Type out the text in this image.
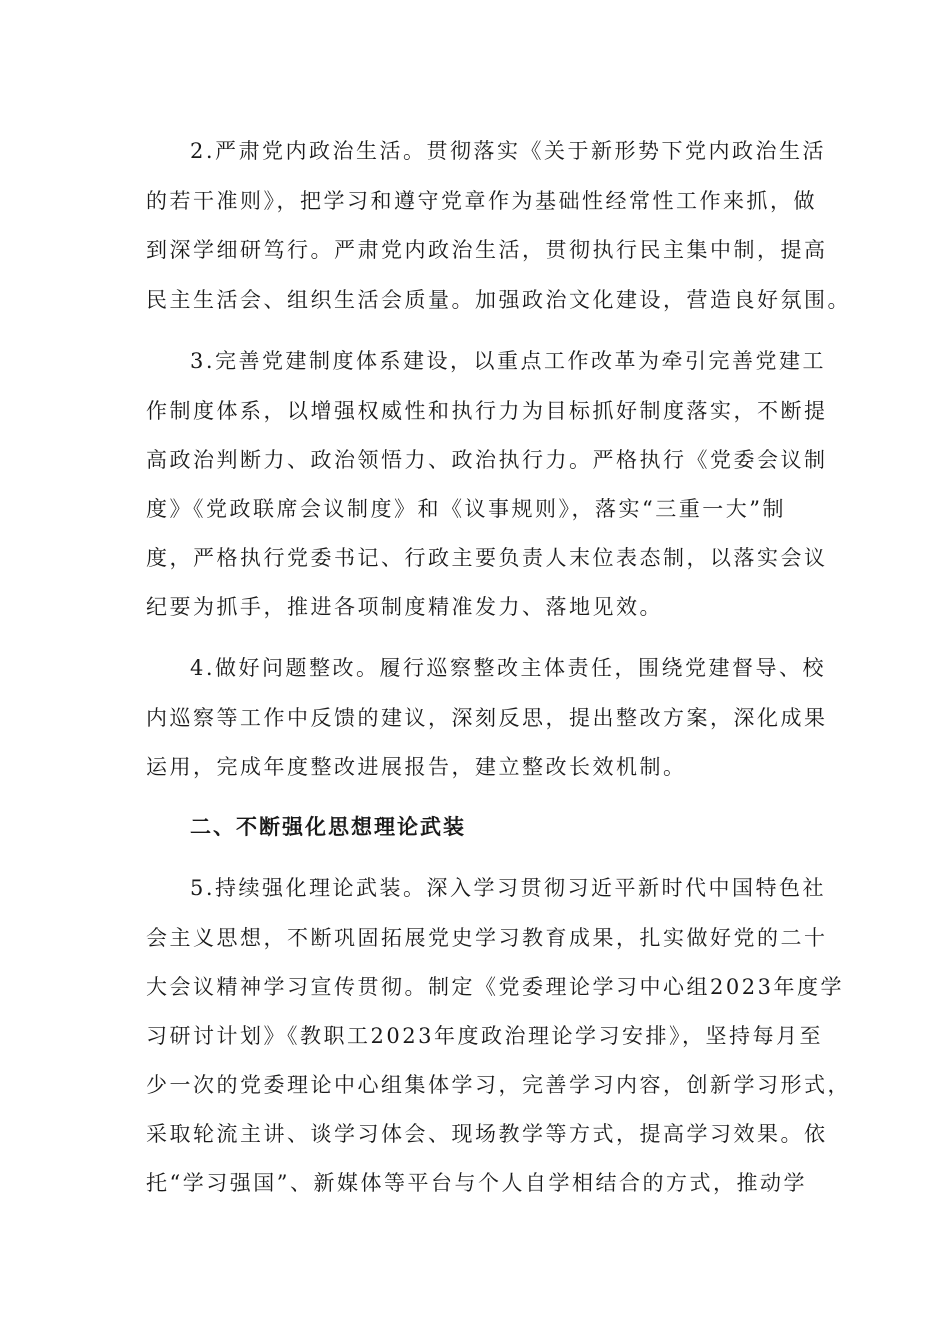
2.严肃党内政治生活。贯彻落实《关于新形势下党内政治生活
的若干准则》，把学习和遵守党章作为基础性经常性工作来抓，做
到深学细研笃行。严肃党内政治生活，贯彻执行民主集中制，提高
民主生活会、组织生活会质量。加强政治文化建设，营造良好氛围。
3.完善党建制度体系建设，以重点工作改革为牵引完善党建工
作制度体系，以增强权威性和执行力为目标抓好制度落实，不断提
高政治判断力、政治领悟力、政治执行力。严格执行《党委会议制
度》《党政联席会议制度》和《议事规则》，落实“三重一大”制
度，严格执行党委书记、行政主要负责人末位表态制，以落实会议
纪要为抓手，推进各项制度精准发力、落地见效。
4.做好问题整改。履行巡察整改主体责任，围绕党建督导、校
内巡察等工作中反馈的建议，深刻反思，提出整改方案，深化成果
运用，完成年度整改进展报告，建立整改长效机制。
二、不断强化思想理论武装
5.持续强化理论武装。深入学习贯彻习近平新时代中国特色社
会主义思想，不断巩固拓展党史学习教育成果，扎实做好党的二十
大会议精神学习宣传贯彻。制定《党委理论学习中心组2023年度学
习研讨计划》《教职工2023年度政治理论学习安排》，坚持每月至
少一次的党委理论中心组集体学习，完善学习内容，创新学习形式，
采取轮流主讲、谈学习体会、现场教学等方式，提高学习效果。依
托“学习强国”、新媒体等平台与个人自学相结合的方式，推动学
